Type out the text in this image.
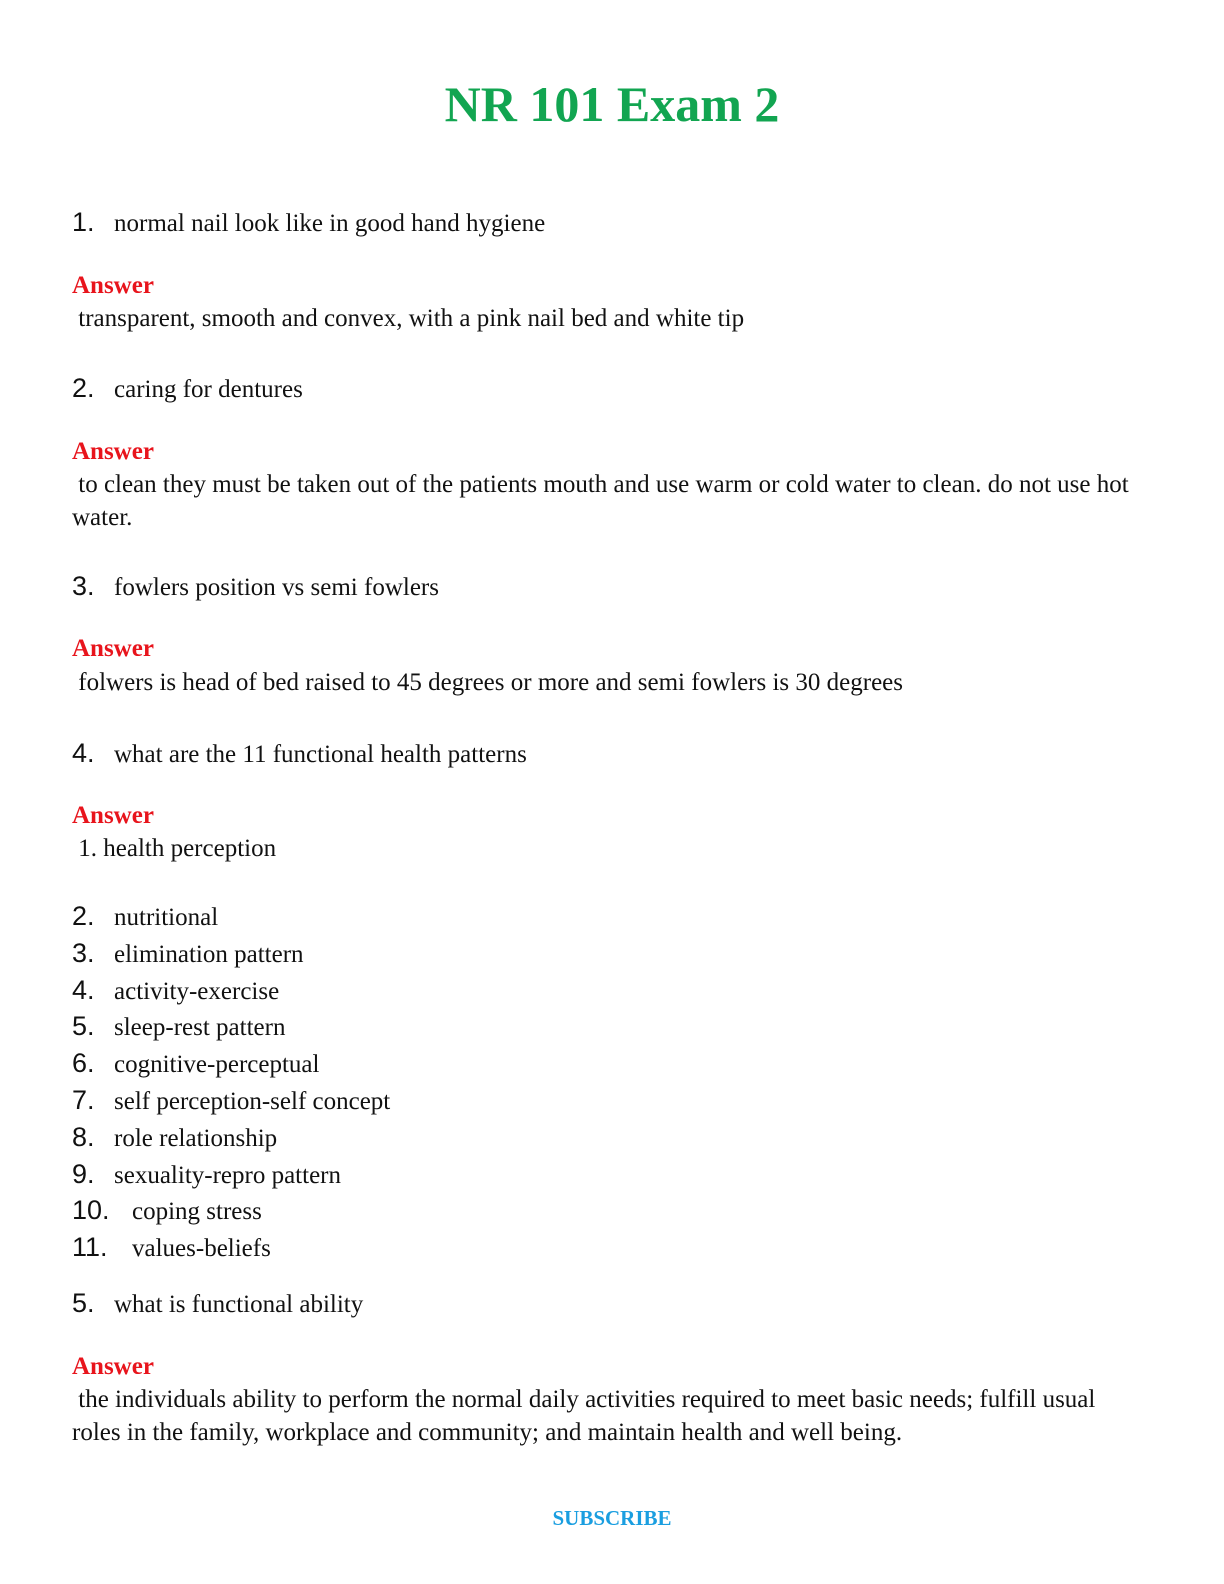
NR 101 Exam 2
1. normal nail look like in good hand hygiene
Answer
transparent, smooth and convex, with a pink nail bed and white tip
2. caring for dentures
Answer
to clean they must be taken out of the patients mouth and use warm or cold water to clean. do not use hot water.
3. fowlers position vs semi fowlers
Answer
folwers is head of bed raised to 45 degrees or more and semi fowlers is 30 degrees
4. what are the 11 functional health patterns
Answer
1. health perception
2. nutritional
3. elimination pattern
4. activity-exercise
5. sleep-rest pattern
6. cognitive-perceptual
7. self perception-self concept
8. role relationship
9. sexuality-repro pattern
10. coping stress
11. values-beliefs
5. what is functional ability
Answer
the individuals ability to perform the normal daily activities required to meet basic needs; fulfill usual roles in the family, workplace and community; and maintain health and well being.
SUBSCRIBE
